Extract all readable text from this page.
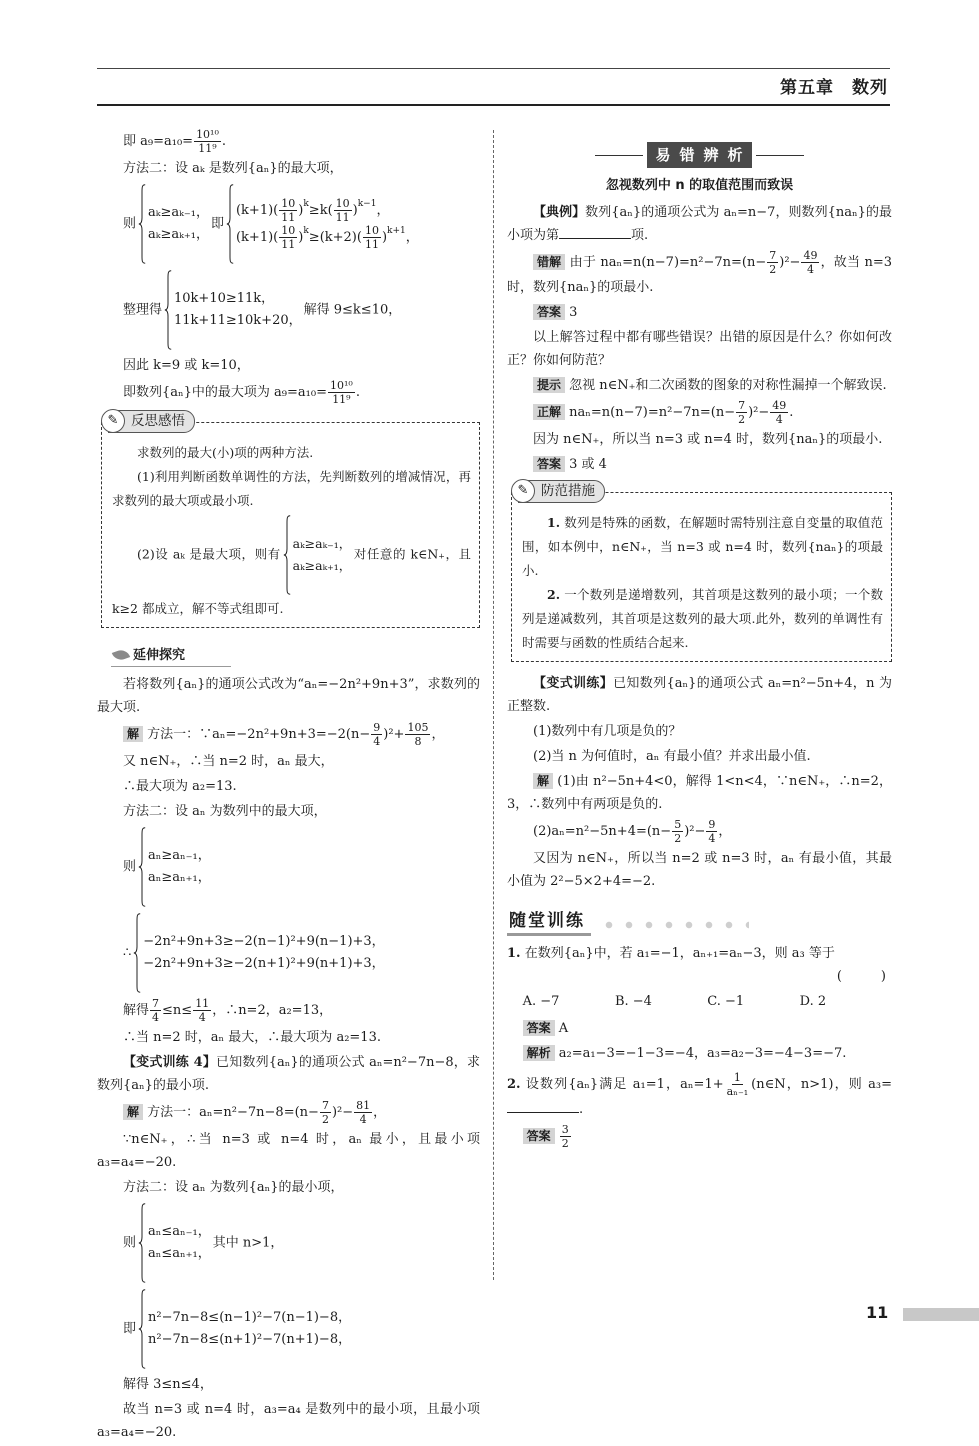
第五章　数列
即 $a_9=a_{10}= \frac{\text{10¹⁰}}{\text{11⁹}}$ .
方法二：设 aₖ 是数列{aₙ}的最大项，
则
aₖ≥aₖ₋₁，
aₖ≥aₖ₊₁，
即
$(k+1)( \frac{10}{11} )^k\ge k( \frac{10}{11} )^{k-1}$，
$(k+1)( \frac{10}{11} )^k\ge(k+2)( \frac{10}{11} )^{k+1}$，
整理得
10k+10≥11k，
11k+11≥10k+20，
解得 9≤k≤10，
因此 k=9 或 k=10，
即数列{aₙ}中的最大项为 $a_9=a_{10}= \frac{\text{10¹⁰}}{\text{11⁹}}$ .
✎ 反思感悟
求数列的最大(小)项的两种方法.
(1)利用判断函数单调性的方法，先判断数列的增减情况，再求数列的最大项或最小项.
(2)设 aₖ 是最大项，则有
aₖ≥aₖ₋₁，
aₖ≥aₖ₊₁，
对任意的 k∈N₊，且 k≥2 都成立，解不等式组即可.
延伸探究
若将数列{aₙ}的通项公式改为“aₙ=−2n²+9n+3”，求数列的最大项.
解 方法一：∵aₙ=−2n²+9n+3=−2(n− $\frac{9}{4} )^2+ \frac{105}{8}$ ，
又 n∈N₊，∴当 n=2 时，aₙ 最大，
∴最大项为 a₂=13.
方法二：设 aₙ 为数列中的最大项，
则
aₙ≥aₙ₋₁，
aₙ≥aₙ₊₁，
∴
−2n²+9n+3≥−2(n−1)²+9(n−1)+3，
−2n²+9n+3≥−2(n+1)²+9(n+1)+3，
解得 $\frac{7}{4} \le n\le \frac{11}{4}$ ，∴n=2，a₂=13，
∴当 n=2 时，aₙ 最大，∴最大项为 a₂=13.
【变式训练 4】已知数列{aₙ}的通项公式 aₙ=n²−7n−8，求数列{aₙ}的最小项.
解 方法一：$a_n=n^2-7n-8=(n- \frac{7}{2} )^2- \frac{81}{4}$ ，
∵n∈N₊，∴当 n=3 或 n=4 时，aₙ 最小，且最小项 a₃=a₄=−20.
方法二：设 aₙ 为数列{aₙ}的最小项，
则
aₙ≤aₙ₋₁，
aₙ≤aₙ₊₁，
其中 n>1，
即
n²−7n−8≤(n−1)²−7(n−1)−8，
n²−7n−8≤(n+1)²−7(n+1)−8，
解得 3≤n≤4，
故当 n=3 或 n=4 时，a₃=a₄ 是数列中的最小项，且最小项 a₃=a₄=−20.
易错辨析
忽视数列中 n 的取值范围而致误
【典例】数列{aₙ}的通项公式为 aₙ=n−7，则数列{naₙ}的最小项为第	项.
错解 由于 $na_n=n(n-7)=n^2-7n=(n- \frac{7}{2} )^2- \frac{49}{4}$ ，故当 n=3 时，数列{naₙ}的项最小.
答案 3
以上解答过程中都有哪些错误？出错的原因是什么？你如何改正？你如何防范？
提示 忽视 n∈N₊和二次函数的图象的对称性漏掉一个解致误.
正解 $na_n=n(n-7)=n^2-7n=(n- \frac{7}{2} )^2- \frac{49}{4}$ .
因为 n∈N₊，所以当 n=3 或 n=4 时，数列{naₙ}的项最小.
答案 3 或 4
✎ 防范措施
1. 数列是特殊的函数，在解题时需特别注意自变量的取值范围，如本例中，n∈N₊，当 n=3 或 n=4 时，数列{naₙ}的项最小.
2. 一个数列是递增数列，其首项是这数列的最小项；一个数列是递减数列，其首项是这数列的最大项.此外，数列的单调性有时需要与函数的性质结合起来.
【变式训练】已知数列{aₙ}的通项公式 aₙ=n²−5n+4，n 为正整数.
(1)数列中有几项是负的？
(2)当 n 为何值时，aₙ 有最小值？并求出最小值.
解 (1)由 n²−5n+4<0，解得 1<n<4，∵n∈N₊，∴n=2，3，∴数列中有两项是负的.
$(2)a_n=n^2-5n+4=(n- \frac{5}{2} )^2- \frac{9}{4}$ ，
又因为 n∈N₊，所以当 n=2 或 n=3 时，aₙ 有最小值，其最小值为 2²−5×2+4=−2.
随堂训练
1. 在数列{aₙ}中，若 a₁=−1，aₙ₊₁=aₙ−3，则 a₃ 等于
(　　　)
A. −7	B. −4	C. −1	D. 2
答案 A
解析 a₂=a₁−3=−1−3=−4，a₃=a₂−3=−4−3=−7.
2. 设数列{aₙ}满足 a₁=1，$a_n=1+ \frac{1}{\text{aₙ₋₁}}$ (n∈N，n>1)，则 a₃=.
答案 $\frac{3}{2}$
11
